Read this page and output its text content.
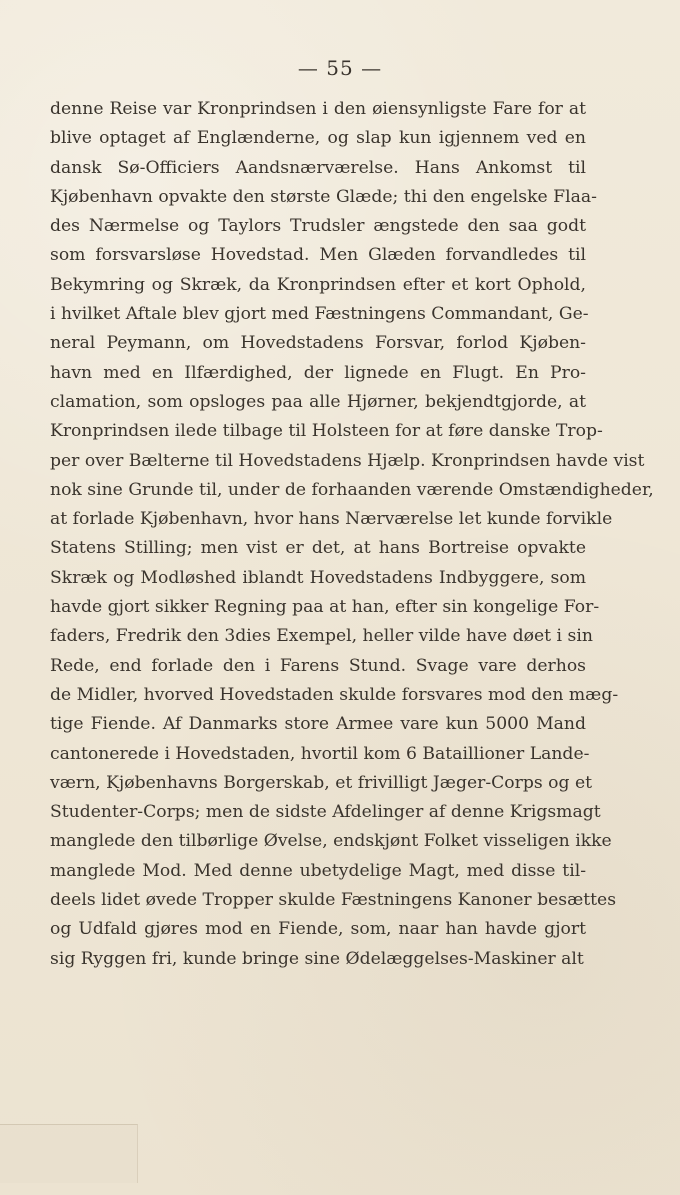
— 55 —
denne Reise var Kronprindsen i den øiensynligste Fare for at
blive optaget af Englænderne, og slap kun igjennem ved en
dansk Sø-Officiers Aandsnærværelse. Hans Ankomst til
Kjøbenhavn opvakte den største Glæde; thi den engelske Flaa-
des Nærmelse og Taylors Trudsler ængstede den saa godt
som forsvarsløse Hovedstad. Men Glæden forvandledes til
Bekymring og Skræk, da Kronprindsen efter et kort Ophold,
i hvilket Aftale blev gjort med Fæstningens Commandant, Ge-
neral Peymann, om Hovedstadens Forsvar, forlod Kjøben-
havn med en Ilfærdighed, der lignede en Flugt. En Pro-
clamation, som opsloges paa alle Hjørner, bekjendtgjorde, at
Kronprindsen ilede tilbage til Holsteen for at føre danske Trop-
per over Bælterne til Hovedstadens Hjælp. Kronprindsen havde vist
nok sine Grunde til, under de forhaanden værende Omstændigheder,
at forlade Kjøbenhavn, hvor hans Nærværelse let kunde forvikle
Statens Stilling; men vist er det, at hans Bortreise opvakte
Skræk og Modløshed iblandt Hovedstadens Indbyggere, som
havde gjort sikker Regning paa at han, efter sin kongelige For-
faders, Fredrik den 3dies Exempel, heller vilde have døet i sin
Rede, end forlade den i Farens Stund. Svage vare derhos
de Midler, hvorved Hovedstaden skulde forsvares mod den mæg-
tige Fiende. Af Danmarks store Armee vare kun 5000 Mand
cantonerede i Hovedstaden, hvortil kom 6 Bataillioner Lande-
værn, Kjøbenhavns Borgerskab, et frivilligt Jæger-Corps og et
Studenter-Corps; men de sidste Afdelinger af denne Krigsmagt
manglede den tilbørlige Øvelse, endskjønt Folket visseligen ikke
manglede Mod. Med denne ubetydelige Magt, med disse til-
deels lidet øvede Tropper skulde Fæstningens Kanoner besættes
og Udfald gjøres mod en Fiende, som, naar han havde gjort
sig Ryggen fri, kunde bringe sine Ødelæggelses-Maskiner alt
